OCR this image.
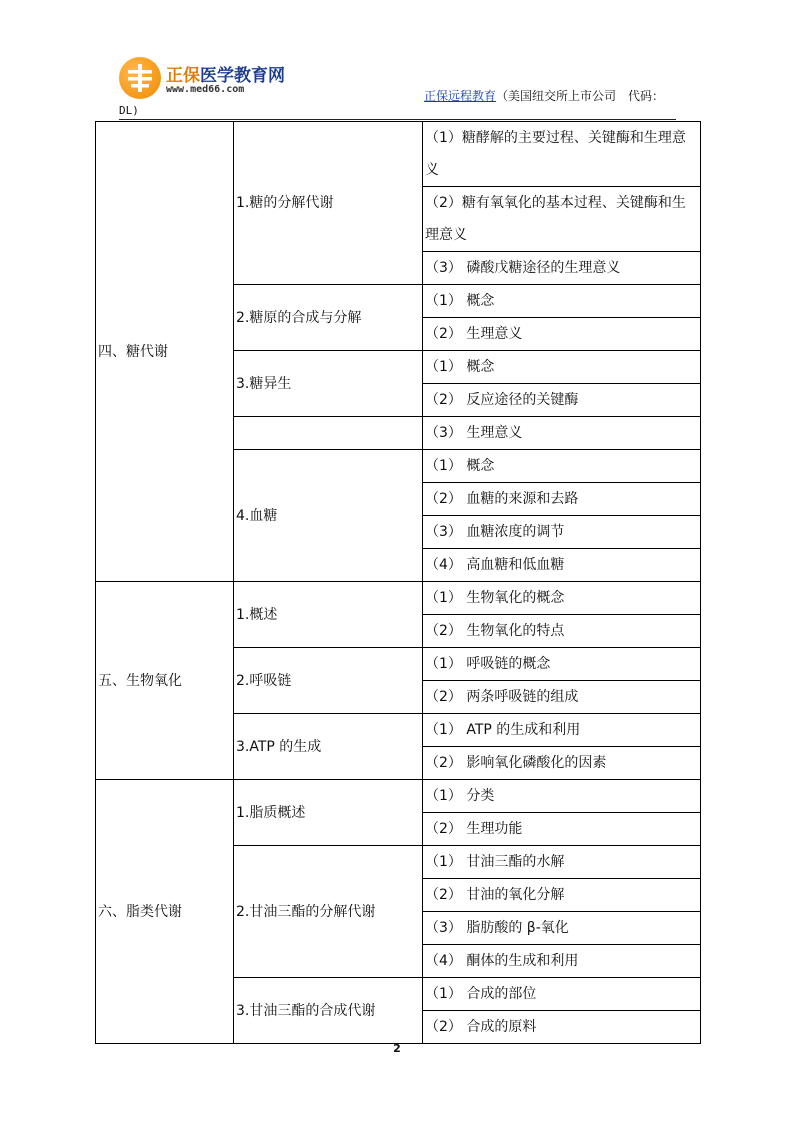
正保医学教育网
www.med66.com	正保远程教育（美国纽交所上市公司　代码：
DL)
四、糖代谢	1.糖的分解代谢	（1）糖酵解的主要过程、关键酶和生理意义

		（2）糖有氧氧化的基本过程、关键酶和生理意义

		（3） 磷酸戊糖途径的生理意义
	2.糖原的合成与分解	（1） 概念
		（2） 生理意义
	3.糖异生	（1） 概念
		（2） 反应途径的关键酶
		（3） 生理意义
	4.血糖	（1） 概念
		（2） 血糖的来源和去路
		（3） 血糖浓度的调节
		（4） 高血糖和低血糖
五、生物氧化	1.概述	（1） 生物氧化的概念
		（2） 生物氧化的特点
	2.呼吸链	（1） 呼吸链的概念
		（2） 两条呼吸链的组成
	3.ATP 的生成	（1） ATP 的生成和利用
		（2） 影响氧化磷酸化的因素
六、脂类代谢	1.脂质概述	（1） 分类
		（2） 生理功能
	2.甘油三酯的分解代谢	（1） 甘油三酯的水解
		（2） 甘油的氧化分解
		（3） 脂肪酸的 β-氧化
		（4） 酮体的生成和利用
	3.甘油三酯的合成代谢	（1） 合成的部位
		（2） 合成的原料
2
